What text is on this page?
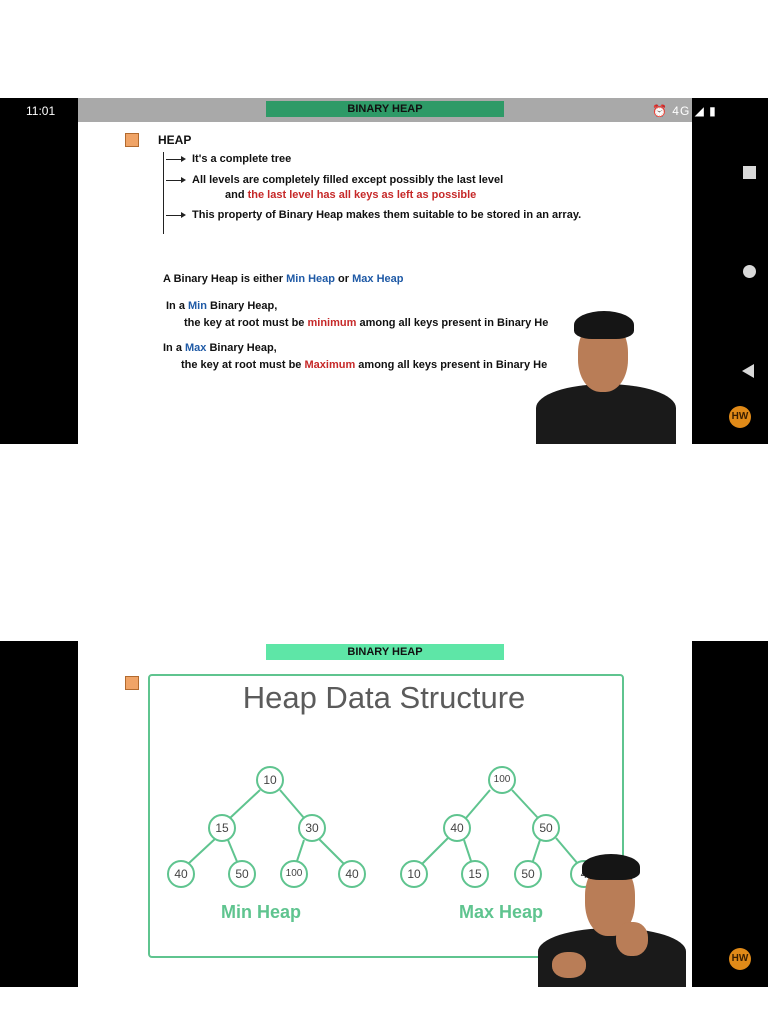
11:01	⏰ 4G ◢ ▮
BINARY HEAP
HEAP
It's a complete tree
All levels are completely filled except possibly the last level
and the last level has all keys as left as possible
This property of Binary Heap makes them suitable to be stored in an array.
A Binary Heap is either Min Heap or Max Heap
In a Min Binary Heap,
the key at root must be minimum among all keys present in Binary He
In a Max Binary Heap,
the key at root must be Maximum among all keys present in Binary He
HW
BINARY HEAP
Heap Data Structure
10
15	30
40	50	100	40
100
40	50
10	15	50
Min Heap	Max Heap
HW
